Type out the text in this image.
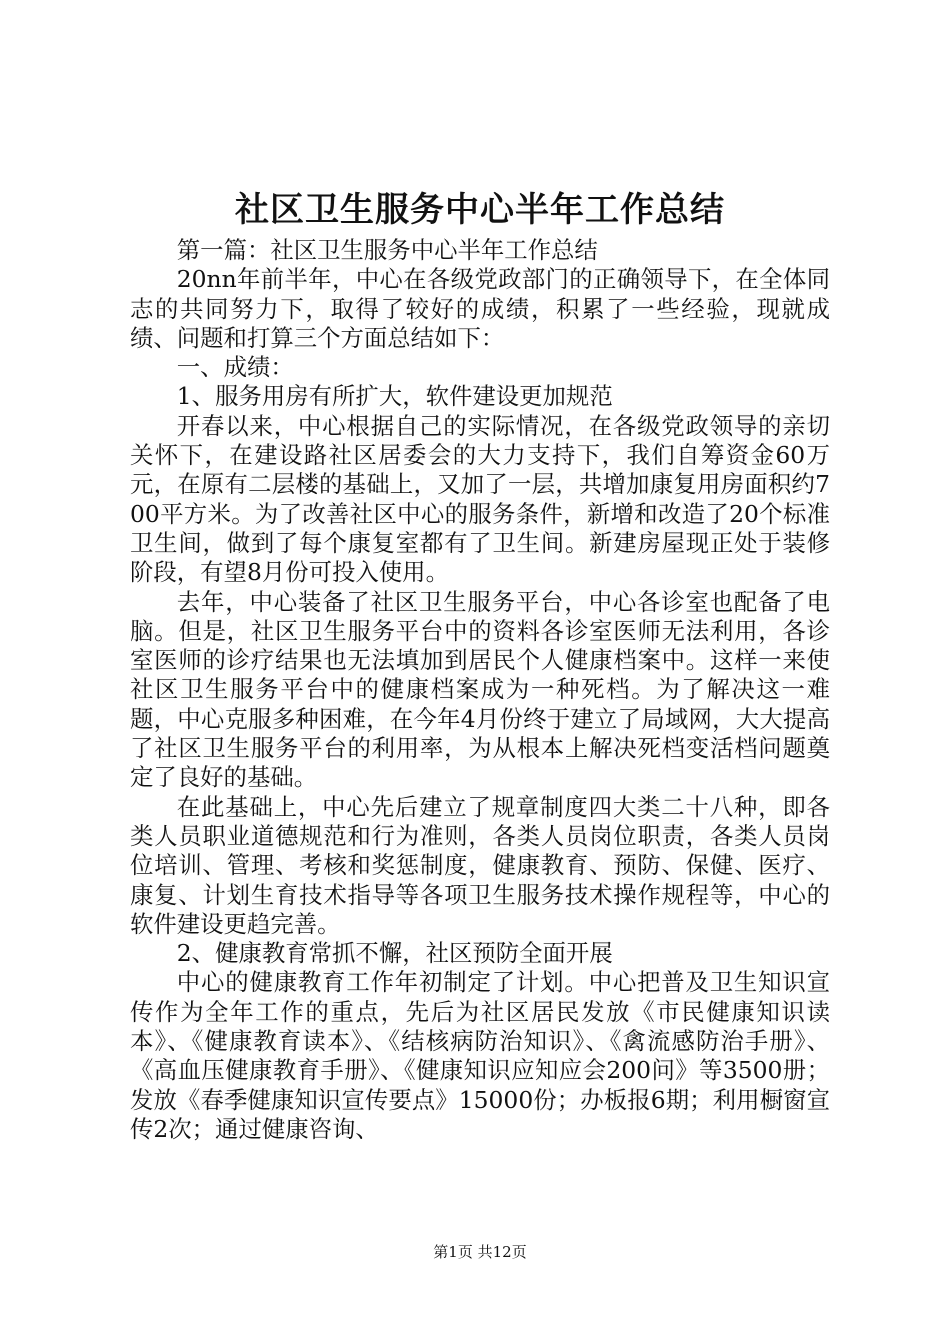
社区卫生服务中心半年工作总结

第一篇：社区卫生服务中心半年工作总结

20nn年前半年，中心在各级党政部门的正确领导下，在全体同志的共同努力下，取得了较好的成绩，积累了一些经验，现就成绩、问题和打算三个方面总结如下：

一、成绩：

1、服务用房有所扩大，软件建设更加规范

开春以来，中心根据自己的实际情况，在各级党政领导的亲切关怀下，在建设路社区居委会的大力支持下，我们自筹资金60万元，在原有二层楼的基础上，又加了一层，共增加康复用房面积约700平方米。为了改善社区中心的服务条件，新增和改造了20个标准卫生间，做到了每个康复室都有了卫生间。新建房屋现正处于装修阶段，有望8月份可投入使用。

去年，中心装备了社区卫生服务平台，中心各诊室也配备了电脑。但是，社区卫生服务平台中的资料各诊室医师无法利用，各诊室医师的诊疗结果也无法填加到居民个人健康档案中。这样一来使社区卫生服务平台中的健康档案成为一种死档。为了解决这一难题，中心克服多种困难，在今年4月份终于建立了局域网，大大提高了社区卫生服务平台的利用率，为从根本上解决死档变活档问题奠定了良好的基础。

在此基础上，中心先后建立了规章制度四大类二十八种，即各类人员职业道德规范和行为准则，各类人员岗位职责，各类人员岗位培训、管理、考核和奖惩制度，健康教育、预防、保健、医疗、康复、计划生育技术指导等各项卫生服务技术操作规程等，中心的软件建设更趋完善。

2、健康教育常抓不懈，社区预防全面开展

中心的健康教育工作年初制定了计划。中心把普及卫生知识宣传作为全年工作的重点，先后为社区居民发放《市民健康知识读本》、《健康教育读本》、《结核病防治知识》、《禽流感防治手册》、《高血压健康教育手册》、《健康知识应知应会200问》等3500册；发放《春季健康知识宣传要点》15000份；办板报6期；利用橱窗宣传2次；通过健康咨询、

第1页 共12页
